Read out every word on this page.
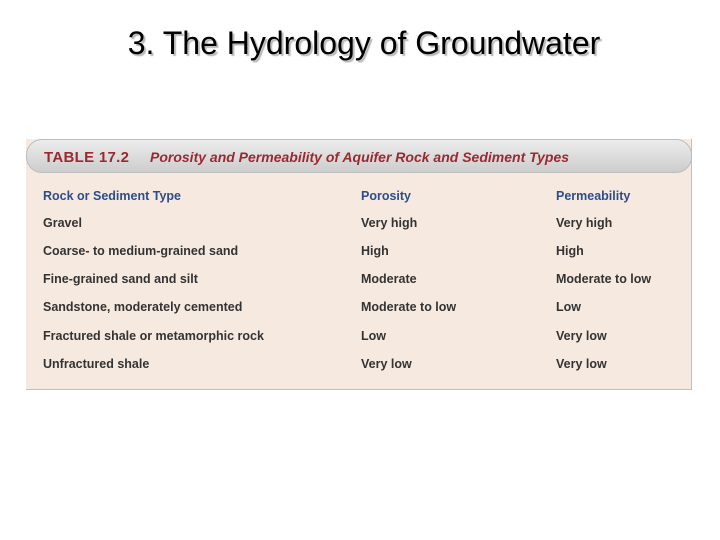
3. The Hydrology of Groundwater
TABLE 17.2 Porosity and Permeability of Aquifer Rock and Sediment Types
Rock or Sediment Type	Porosity	Permeability
Gravel	Very high	Very high
Coarse- to medium-grained sand	High	High
Fine-grained sand and silt	Moderate	Moderate to low
Sandstone, moderately cemented	Moderate to low	Low
Fractured shale or metamorphic rock	Low	Very low
Unfractured shale	Very low	Very low
